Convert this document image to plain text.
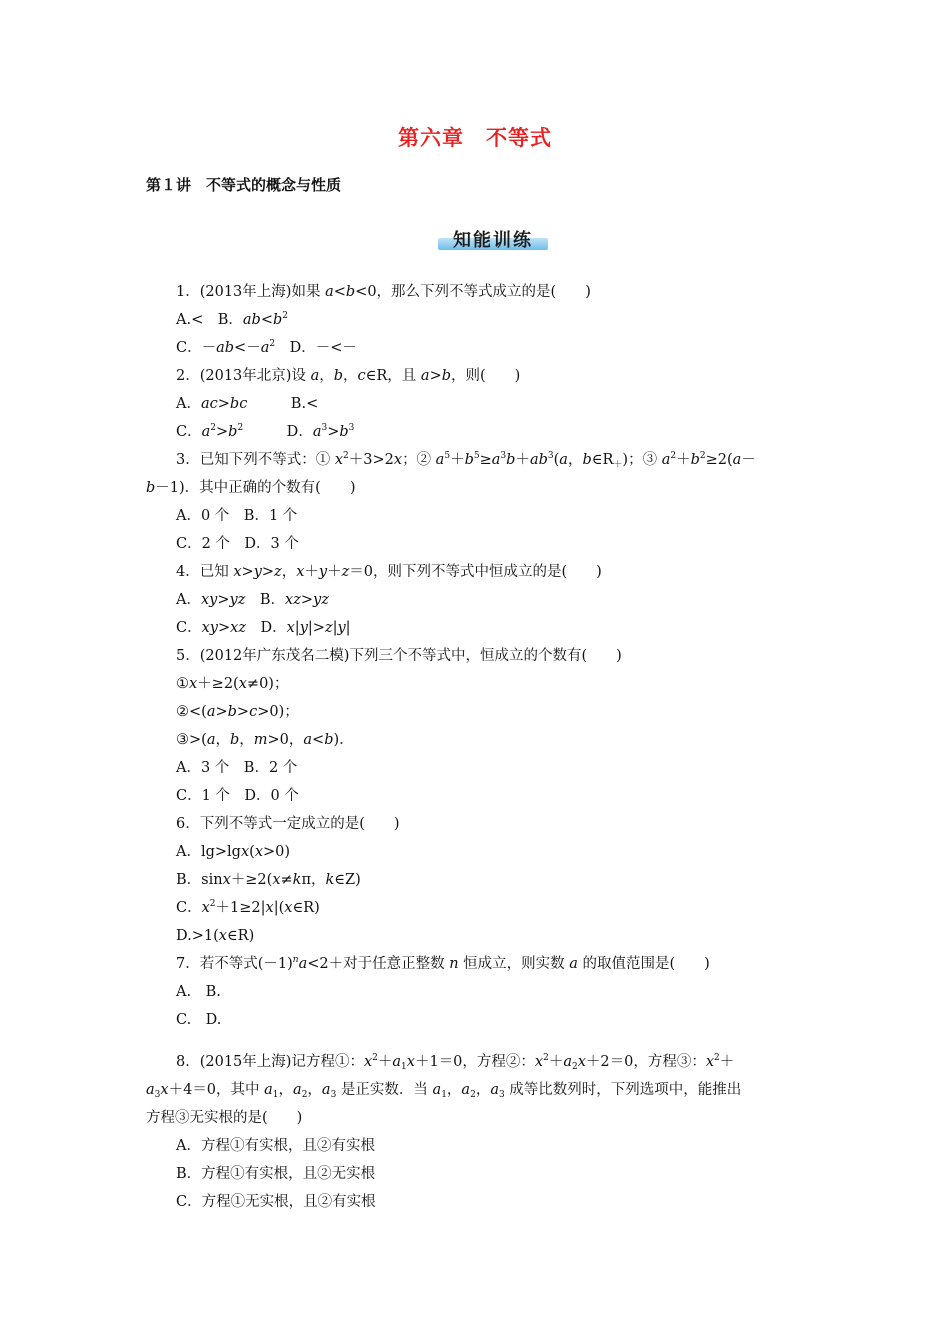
第六章　不等式
第１讲　不等式的概念与性质
知能训练
1．(2013年上海)如果 a<b<0，那么下列不等式成立的是(　　)
A.<　B．$ab<b^2$
C．$-ab<-a^2$　D．－<－
2．(2013年北京)设 a，b，c∈R，且 a>b，则(　　)
A．ac>bc　　　B.<
C．$a^2>b^2$　　　D．$a^3>b^3$
3．已知下列不等式：① $x^2+3>2x$；② $a^5+b^5\ge a^3b+ab^3(a$，$b\in R_+$)；③ $a^2+b^2\ge 2(a-$
b－1)．其中正确的个数有(　　)
A．0 个　B．1 个
C．2 个　D．3 个
4．已知 x>y>z，x＋y＋z＝0，则下列不等式中恒成立的是(　　)
A．xy>yz　B．xz>yz
C．xy>xz　D．x|y|>z|y|
5．(2012年广东茂名二模)下列三个不等式中，恒成立的个数有(　　)
①x＋≥2(x≠0)；
②<(a>b>c>0)；
③>(a，b，m>0，a<b)．
A．3 个　B．2 个
C．1 个　D．0 个
6．下列不等式一定成立的是(　　)
A．lg>lgx(x>0)
B．sinx＋≥2(x≠kπ，k∈Z)
C．$x^2+1\ge 2|x|(x\in R)$
D.>1(x∈R)
7．若不等式$(-1)^na<2+$对于任意正整数 n 恒成立，则实数 a 的取值范围是(　　)
A.　B.
C.　D.
8．(2015年上海)记方程①：$x^2+a_1x+1=0$，方程②：$x^2+a_2x+2=0$，方程③：$x^2+$
$a_3x+4=0$，其中 $a_1$，$a_2$，$a_3$ 是正实数．当 $a_1$，$a_2$，$a_3$ 成等比数列时，下列选项中，能推出
方程③无实根的是(　　)
A．方程①有实根，且②有实根
B．方程①有实根，且②无实根
C．方程①无实根，且②有实根
